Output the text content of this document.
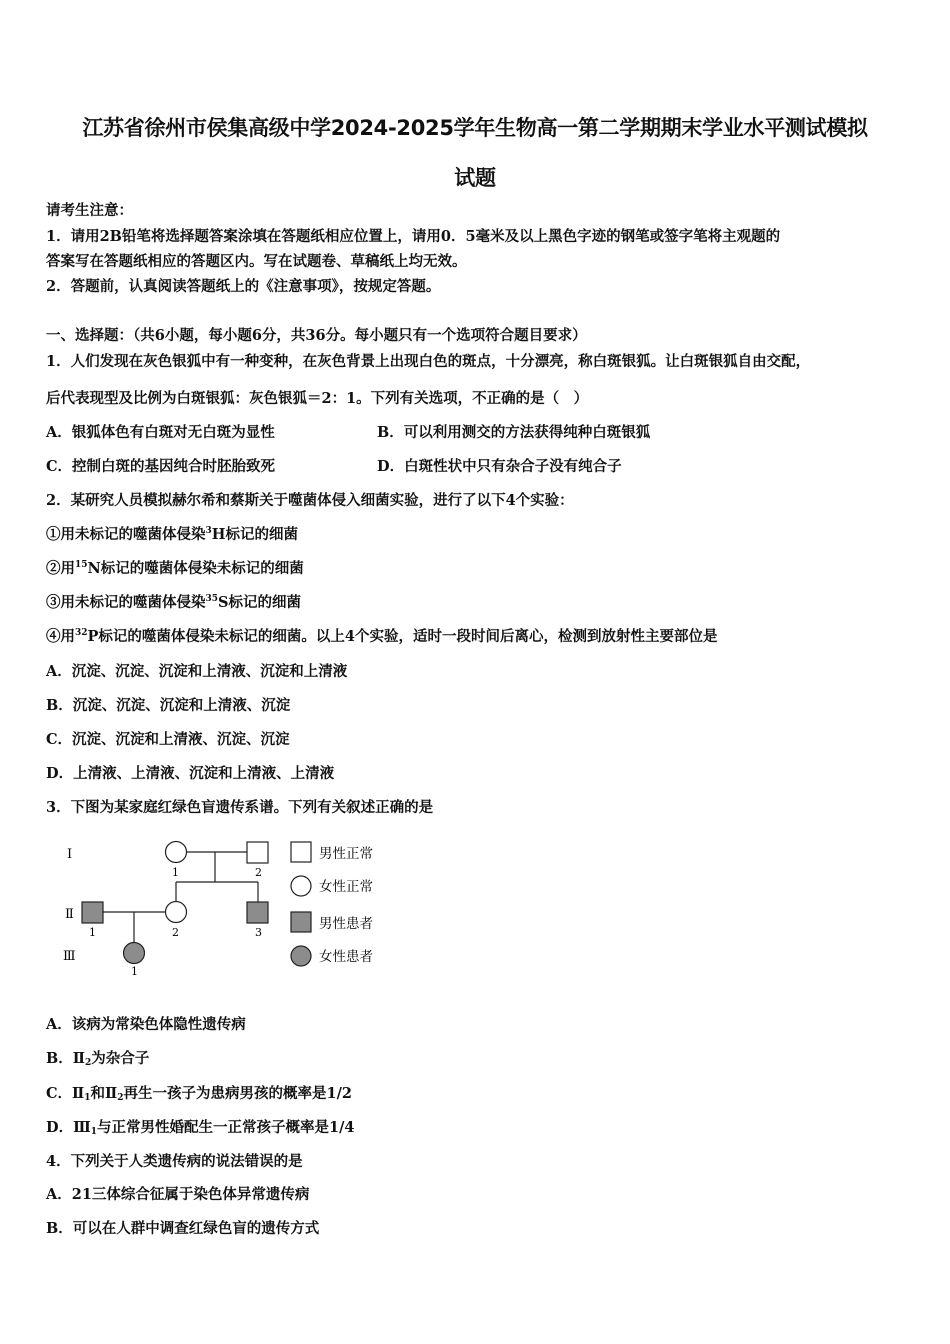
江苏省徐州市侯集高级中学2024-2025学年生物高一第二学期期末学业水平测试模拟
试题
请考生注意：
1．请用2B铅笔将选择题答案涂填在答题纸相应位置上，请用0．5毫米及以上黑色字迹的钢笔或签字笔将主观题的
答案写在答题纸相应的答题区内。写在试题卷、草稿纸上均无效。
2．答题前，认真阅读答题纸上的《注意事项》，按规定答题。
一、选择题：（共6小题，每小题6分，共36分。每小题只有一个选项符合题目要求）
1．人们发现在灰色银狐中有一种变种，在灰色背景上出现白色的斑点，十分漂亮，称白斑银狐。让白斑银狐自由交配，
后代表现型及比例为白斑银狐：灰色银狐＝2：1。下列有关选项，不正确的是（　）
A．银狐体色有白斑对无白斑为显性	B．可以利用测交的方法获得纯种白斑银狐
C．控制白斑的基因纯合时胚胎致死	D．白斑性状中只有杂合子没有纯合子
2．某研究人员模拟赫尔希和蔡斯关于噬菌体侵入细菌实验，进行了以下4个实验：
①用未标记的噬菌体侵染$^3$H标记的细菌
②用$^{15}$N标记的噬菌体侵染未标记的细菌
③用未标记的噬菌体侵染$^{35}$S标记的细菌
④用$^{32}$P标记的噬菌体侵染未标记的细菌。以上4个实验，适时一段时间后离心，检测到放射性主要部位是
A．沉淀、沉淀、沉淀和上清液、沉淀和上清液
B．沉淀、沉淀、沉淀和上清液、沉淀
C．沉淀、沉淀和上清液、沉淀、沉淀
D．上清液、上清液、沉淀和上清液、上清液
3．下图为某家庭红绿色盲遗传系谱。下列有关叙述正确的是
Ⅰ
Ⅱ
Ⅲ
1	2
1	2	3
1
男性正常
女性正常
男性患者
女性患者
A．该病为常染色体隐性遗传病
B．$Ⅱ_2$为杂合子
C．$Ⅱ_1$和$Ⅱ_2$再生一孩子为患病男孩的概率是1/2
D．$Ⅲ_1$与正常男性婚配生一正常孩子概率是1/4
4．下列关于人类遗传病的说法错误的是
A．21三体综合征属于染色体异常遗传病
B．可以在人群中调查红绿色盲的遗传方式
